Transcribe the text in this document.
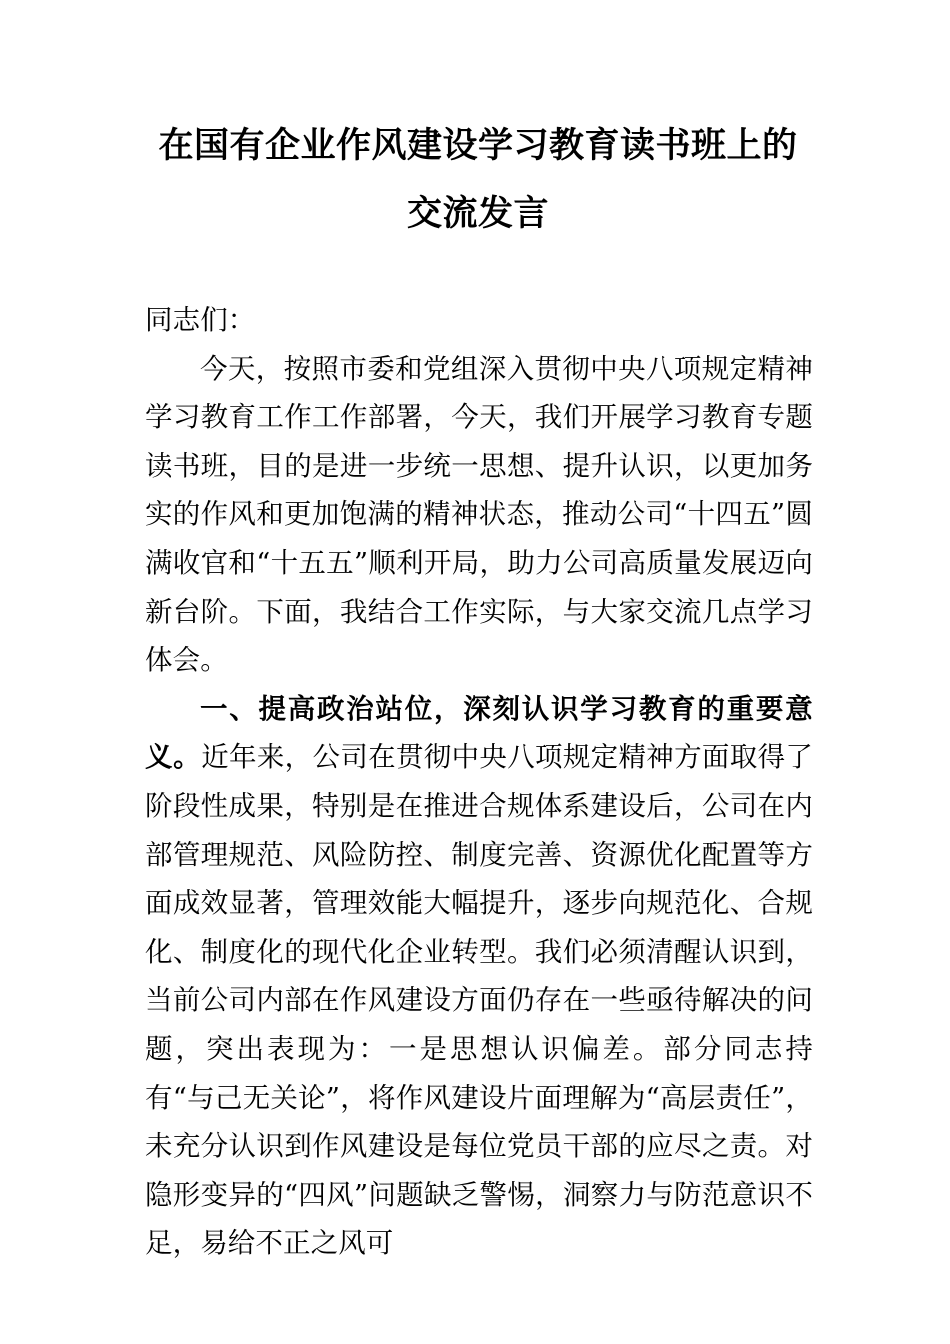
在国有企业作风建设学习教育读书班上的交流发言

同志们：

今天，按照市委和党组深入贯彻中央八项规定精神学习教育工作工作部署，今天，我们开展学习教育专题读书班，目的是进一步统一思想、提升认识，以更加务实的作风和更加饱满的精神状态，推动公司“十四五”圆满收官和“十五五”顺利开局，助力公司高质量发展迈向新台阶。下面，我结合工作实际，与大家交流几点学习体会。

一、提高政治站位，深刻认识学习教育的重要意义。近年来，公司在贯彻中央八项规定精神方面取得了阶段性成果，特别是在推进合规体系建设后，公司在内部管理规范、风险防控、制度完善、资源优化配置等方面成效显著，管理效能大幅提升，逐步向规范化、合规化、制度化的现代化企业转型。我们必须清醒认识到，当前公司内部在作风建设方面仍存在一些亟待解决的问题，突出表现为：一是思想认识偏差。部分同志持有“与己无关论”，将作风建设片面理解为“高层责任”，未充分认识到作风建设是每位党员干部的应尽之责。对隐形变异的“四风”问题缺乏警惕，洞察力与防范意识不足，易给不正之风可
